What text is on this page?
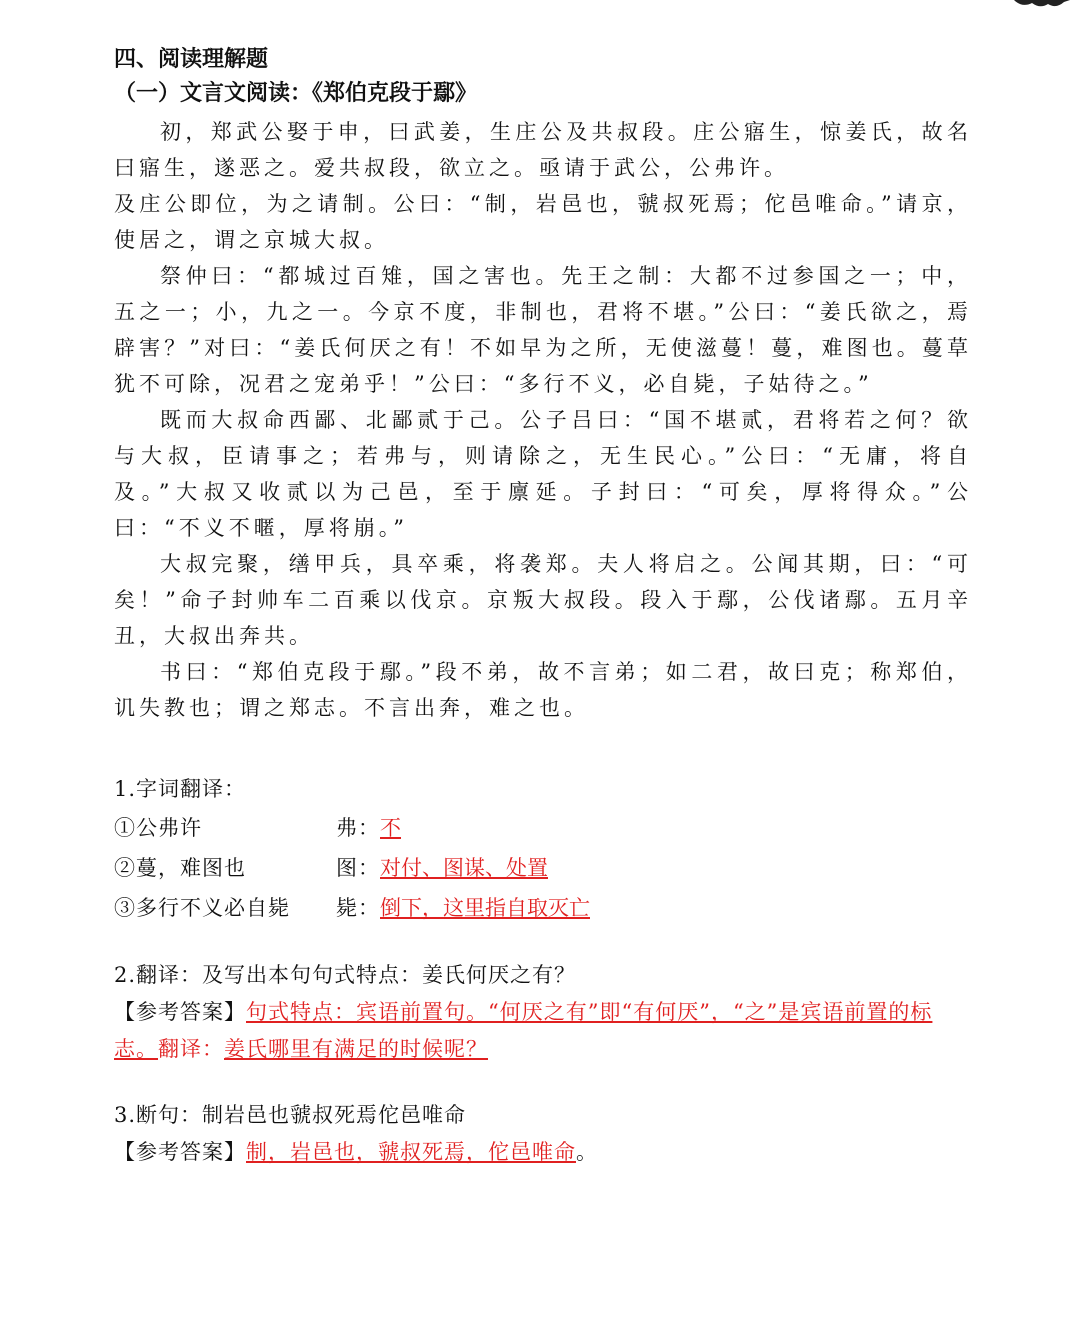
四、阅读理解题
（一）文言文阅读：《郑伯克段于鄢》

初，郑武公娶于申，曰武姜，生庄公及共叔段。庄公寤生，惊姜氏，故名曰寤生，遂恶之。爱共叔段，欲立之。亟请于武公，公弗许。

及庄公即位，为之请制。公曰：“制，岩邑也，虢叔死焉；佗邑唯命。”请京，使居之，谓之京城大叔。

祭仲曰：“都城过百雉，国之害也。先王之制：大都不过参国之一；中，五之一；小，九之一。今京不度，非制也，君将不堪。”公曰：“姜氏欲之，焉辟害？”对曰：“姜氏何厌之有！不如早为之所，无使滋蔓！蔓，难图也。蔓草犹不可除，况君之宠弟乎！”公曰：“多行不义，必自毙，子姑待之。”

既而大叔命西鄙、北鄙贰于己。公子吕曰：“国不堪贰，君将若之何？欲与大叔，臣请事之；若弗与，则请除之，无生民心。”公曰：“无庸，将自及。”大叔又收贰以为己邑，至于廪延。子封曰：“可矣，厚将得众。”公曰：“不义不暱，厚将崩。”

大叔完聚，缮甲兵，具卒乘，将袭郑。夫人将启之。公闻其期，曰：“可矣！”命子封帅车二百乘以伐京。京叛大叔段。段入于鄢，公伐诸鄢。五月辛丑，大叔出奔共。

书曰：“郑伯克段于鄢。”段不弟，故不言弟；如二君，故曰克；称郑伯，讥失教也；谓之郑志。不言出奔，难之也。

1.字词翻译：

①公弗许	弗： 不
②蔓，难图也	图： 对付、图谋、处置
③多行不义必自毙	毙： 倒下，这里指自取灭亡

2.翻译：及写出本句句式特点：姜氏何厌之有？

【参考答案】句式特点：宾语前置句。“何厌之有”即“有何厌”，“之”是宾语前置的标志。翻译：姜氏哪里有满足的时候呢？

3.断句：制岩邑也虢叔死焉佗邑唯命

【参考答案】制，岩邑也，虢叔死焉，佗邑唯命。
